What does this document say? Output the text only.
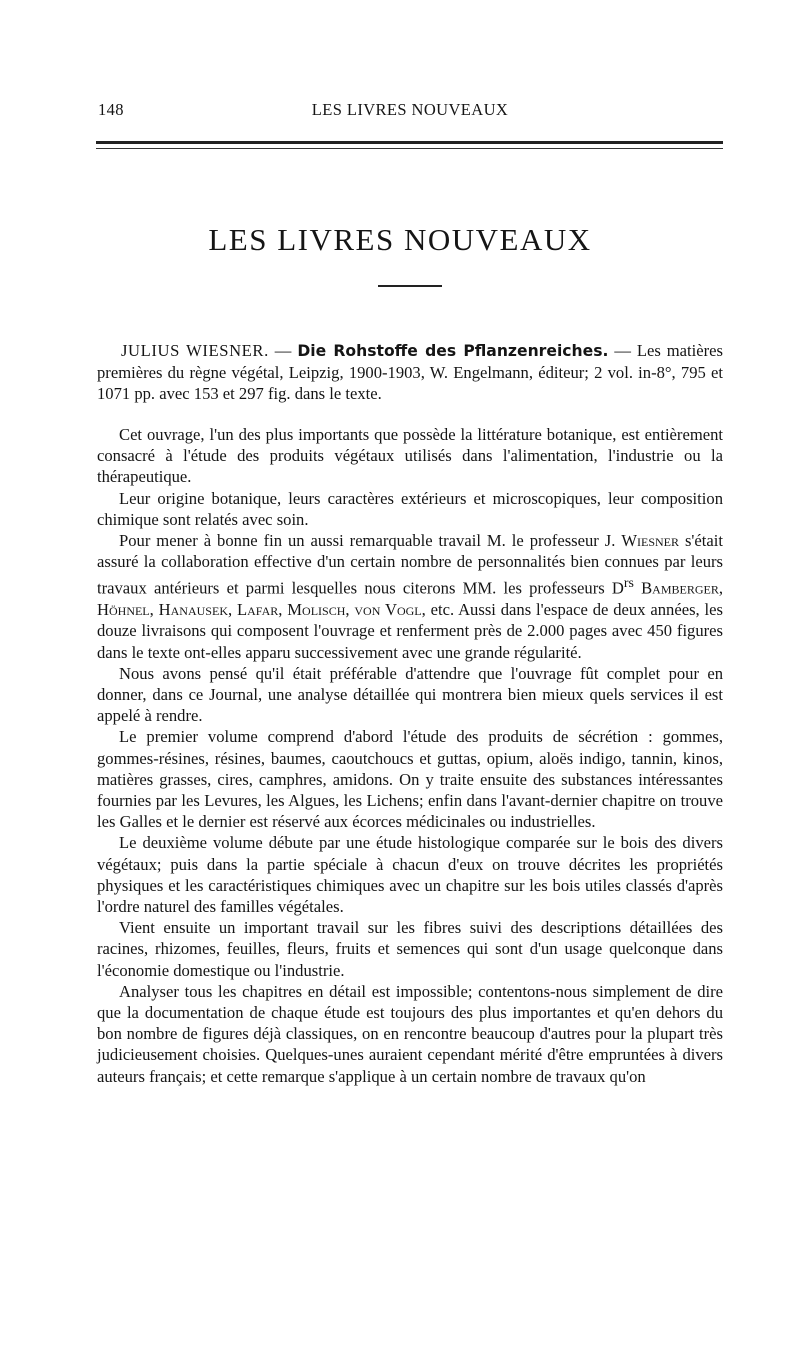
148	LES LIVRES NOUVEAUX
LES LIVRES NOUVEAUX
JULIUS WIESNER. — Die Rohstoffe des Pflanzenreiches. — Les matières premières du règne végétal, Leipzig, 1900-1903, W. Engelmann, éditeur; 2 vol. in-8°, 795 et 1071 pp. avec 153 et 297 fig. dans le texte.

Cet ouvrage, l'un des plus importants que possède la littérature botanique, est entièrement consacré à l'étude des produits végétaux utilisés dans l'alimentation, l'industrie ou la thérapeutique.

Leur origine botanique, leurs caractères extérieurs et microscopiques, leur composition chimique sont relatés avec soin.

Pour mener à bonne fin un aussi remarquable travail M. le professeur J. Wiesner s'était assuré la collaboration effective d'un certain nombre de personnalités bien connues par leurs travaux antérieurs et parmi lesquelles nous citerons MM. les professeurs $D^{rs}$ Bamberger, Höhnel, Hanausek, Lafar, Molisch, von Vogl, etc. Aussi dans l'espace de deux années, les douze livraisons qui composent l'ouvrage et renferment près de 2.000 pages avec 450 figures dans le texte ont-elles apparu successivement avec une grande régularité.

Nous avons pensé qu'il était préférable d'attendre que l'ouvrage fût complet pour en donner, dans ce Journal, une analyse détaillée qui montrera bien mieux quels services il est appelé à rendre.

Le premier volume comprend d'abord l'étude des produits de sécrétion : gommes, gommes-résines, résines, baumes, caoutchoucs et guttas, opium, aloës indigo, tannin, kinos, matières grasses, cires, camphres, amidons. On y traite ensuite des substances intéressantes fournies par les Levures, les Algues, les Lichens; enfin dans l'avant-dernier chapitre on trouve les Galles et le dernier est réservé aux écorces médicinales ou industrielles.

Le deuxième volume débute par une étude histologique comparée sur le bois des divers végétaux; puis dans la partie spéciale à chacun d'eux on trouve décrites les propriétés physiques et les caractéristiques chimiques avec un chapitre sur les bois utiles classés d'après l'ordre naturel des familles végétales.

Vient ensuite un important travail sur les fibres suivi des descriptions détaillées des racines, rhizomes, feuilles, fleurs, fruits et semences qui sont d'un usage quelconque dans l'économie domestique ou l'industrie.

Analyser tous les chapitres en détail est impossible; contentons-nous simplement de dire que la documentation de chaque étude est toujours des plus importantes et qu'en dehors du bon nombre de figures déjà classiques, on en rencontre beaucoup d'autres pour la plupart très judicieusement choisies. Quelques-unes auraient cependant mérité d'être empruntées à divers auteurs français; et cette remarque s'applique à un certain nombre de travaux qu'on
